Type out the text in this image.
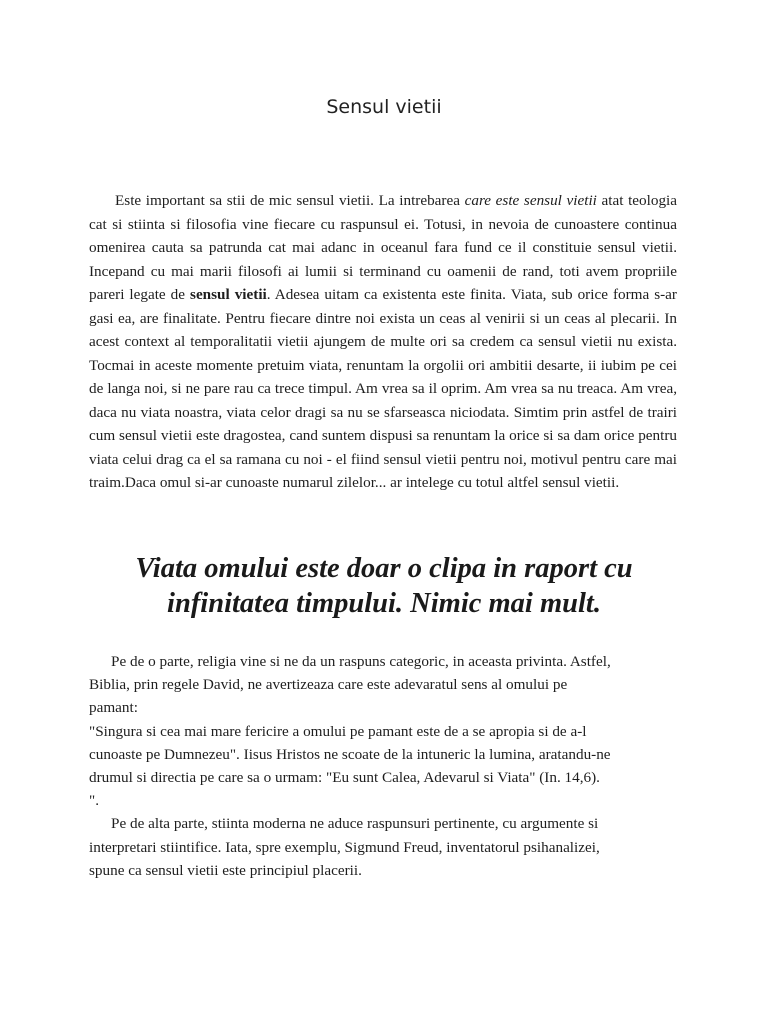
Sensul vietii
Este important sa stii de mic sensul vietii. La intrebarea care este sensul vietii atat teologia cat si stiinta si filosofia vine fiecare cu raspunsul ei. Totusi, in nevoia de cunoastere continua omenirea cauta sa patrunda cat mai adanc in oceanul fara fund ce il constituie sensul vietii. Incepand cu mai marii filosofi ai lumii si terminand cu oamenii de rand, toti avem propriile pareri legate de sensul vietii. Adesea uitam ca existenta este finita. Viata, sub orice forma s-ar gasi ea, are finalitate. Pentru fiecare dintre noi exista un ceas al venirii si un ceas al plecarii. In acest context al temporalitatii vietii ajungem de multe ori sa credem ca sensul vietii nu exista. Tocmai in aceste momente pretuim viata, renuntam la orgolii ori ambitii desarte, ii iubim pe cei de langa noi, si ne pare rau ca trece timpul. Am vrea sa il oprim. Am vrea sa nu treaca. Am vrea, daca nu viata noastra, viata celor dragi sa nu se sfarseasca niciodata. Simtim prin astfel de trairi cum sensul vietii este dragostea, cand suntem dispusi sa renuntam la orice si sa dam orice pentru viata celui drag ca el sa ramana cu noi - el fiind sensul vietii pentru noi, motivul pentru care mai traim.Daca omul si-ar cunoaste numarul zilelor... ar intelege cu totul altfel sensul vietii.
Viata omului este doar o clipa in raport cu
infinitatea timpului. Nimic mai mult.
Pe de o parte, religia vine si ne da un raspuns categoric, in aceasta privinta. Astfel,
Biblia, prin regele David, ne avertizeaza care este adevaratul sens al omului pe
pamant:
"Singura si cea mai mare fericire a omului pe pamant este de a se apropia si de a-l
cunoaste pe Dumnezeu". Iisus Hristos ne scoate de la intuneric la lumina, aratandu-ne
drumul si directia pe care sa o urmam: "Eu sunt Calea, Adevarul si Viata" (In. 14,6).
".
Pe de alta parte, stiinta moderna ne aduce raspunsuri pertinente, cu argumente si
interpretari stiintifice. Iata, spre exemplu, Sigmund Freud, inventatorul psihanalizei,
spune ca sensul vietii este principiul placerii.
